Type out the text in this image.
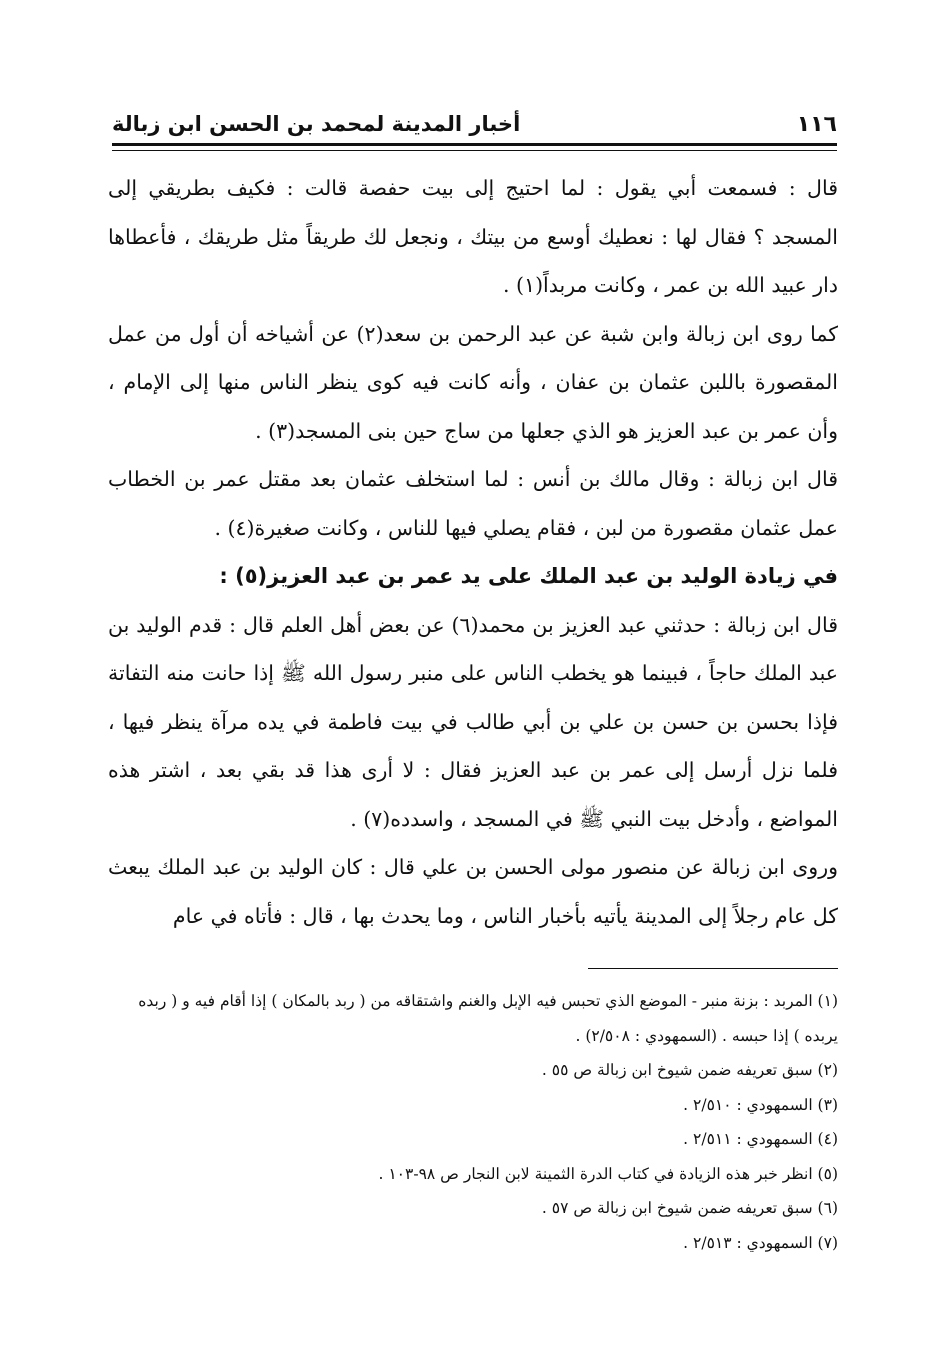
١١٦
أخبار المدينة لمحمد بن الحسن ابن زبالة

قال : فسمعت أبي يقول : لما احتيج إلى بيت حفصة قالت : فكيف بطريقي إلى المسجد ؟ فقال لها : نعطيك أوسع من بيتك ، ونجعل لك طريقاً مثل طريقك ، فأعطاها دار عبيد الله بن عمر ، وكانت مربداً(١) .

كما روى ابن زبالة وابن شبة عن عبد الرحمن بن سعد(٢) عن أشياخه أن أول من عمل المقصورة باللبن عثمان بن عفان ، وأنه كانت فيه كوى ينظر الناس منها إلى الإمام ، وأن عمر بن عبد العزيز هو الذي جعلها من ساج حين بنى المسجد(٣) .

قال ابن زبالة : وقال مالك بن أنس : لما استخلف عثمان بعد مقتل عمر بن الخطاب عمل عثمان مقصورة من لبن ، فقام يصلي فيها للناس ، وكانت صغيرة(٤) .

في زيادة الوليد بن عبد الملك على يد عمر بن عبد العزيز(٥) :

قال ابن زبالة : حدثني عبد العزيز بن محمد(٦) عن بعض أهل العلم قال : قدم الوليد بن عبد الملك حاجاً ، فبينما هو يخطب الناس على منبر رسول الله ﷺ إذا حانت منه التفاتة فإذا بحسن بن حسن بن علي بن أبي طالب في بيت فاطمة في يده مرآة ينظر فيها ، فلما نزل أرسل إلى عمر بن عبد العزيز فقال : لا أرى هذا قد بقي بعد ، اشتر هذه المواضع ، وأدخل بيت النبي ﷺ في المسجد ، واسدده(٧) .

وروى ابن زبالة عن منصور مولى الحسن بن علي قال : كان الوليد بن عبد الملك يبعث كل عام رجلاً إلى المدينة يأتيه بأخبار الناس ، وما يحدث بها ، قال : فأتاه في عام

(١) المربد : بزنة منبر - الموضع الذي تحبس فيه الإبل والغنم واشتقاقه من ( ربد بالمكان ) إذا أقام فيه و ( ربده يربده ) إذا حبسه . (السمهودي : ٢/٥٠٨) .

(٢) سبق تعريفه ضمن شيوخ ابن زبالة ص ٥٥ .

(٣) السمهودي : ٢/٥١٠ .

(٤) السمهودي : ٢/٥١١ .

(٥) انظر خبر هذه الزيادة في كتاب الدرة الثمينة لابن النجار ص ٩٨-١٠٣ .

(٦) سبق تعريفه ضمن شيوخ ابن زبالة ص ٥٧ .

(٧) السمهودي : ٢/٥١٣ .
